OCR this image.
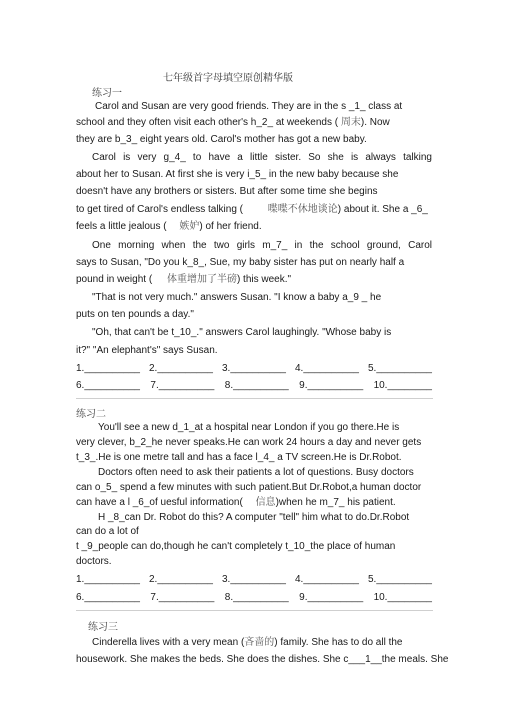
七年级首字母填空原创精华版
练习一
Carol and Susan are very good friends. They are in the s _1_ class at
school and they often visit each other's h_2_ at weekends ( 周末). Now
they are b_3_ eight years old. Carol's mother has got a new baby.
Carol is very g_4_ to have a little sister. So she is always talking
about her to Susan. At first she is very i_5_ in the new baby because she
doesn't have any brothers or sisters. But after some time she begins
to get tired of Carol's endless talking ( 喋喋不休地谈论) about it. She a _6_
feels a little jealous ( 嫉妒) of her friend.
One morning when the two girls m_7_ in the school ground, Carol
says to Susan, "Do you k_8_, Sue, my baby sister has put on nearly half a
pound in weight ( 体重增加了半磅) this week."
"That is not very much." answers Susan. "I know a baby a_9 _ he
puts on ten pounds a day."
"Oh, that can't be t_10_." answers Carol laughingly. "Whose baby is
it?" "An elephant's" says Susan.
1.__________ 2.__________ 3.__________ 4.__________ 5.__________
6.__________ 7.__________ 8.__________ 9.__________ 10.________
练习二
You'll see a new d_1_at a hospital near London if you go there.He is
very clever, b_2_he never speaks.He can work 24 hours a day and never gets
t_3_.He is one metre tall and has a face l_4_ a TV screen.He is Dr.Robot.
Doctors often need to ask their patients a lot of questions. Busy doctors
can o_5_ spend a few minutes with such patient.But Dr.Robot,a human doctor
can have a l _6_of uesful information( 信息)when he m_7_ his patient.
H _8_can Dr. Robot do this? A computer "tell" him what to do.Dr.Robot
can do a lot of
t _9_people can do,though he can't completely t_10_the place of human
doctors.
1.__________ 2.__________ 3.__________ 4.__________ 5.__________
6.__________ 7.__________ 8.__________ 9.__________ 10.________
练习三
Cinderella lives with a very mean (吝啬的) family. She has to do all the
housework. She makes the beds. She does the dishes. She c___1__the meals. She
